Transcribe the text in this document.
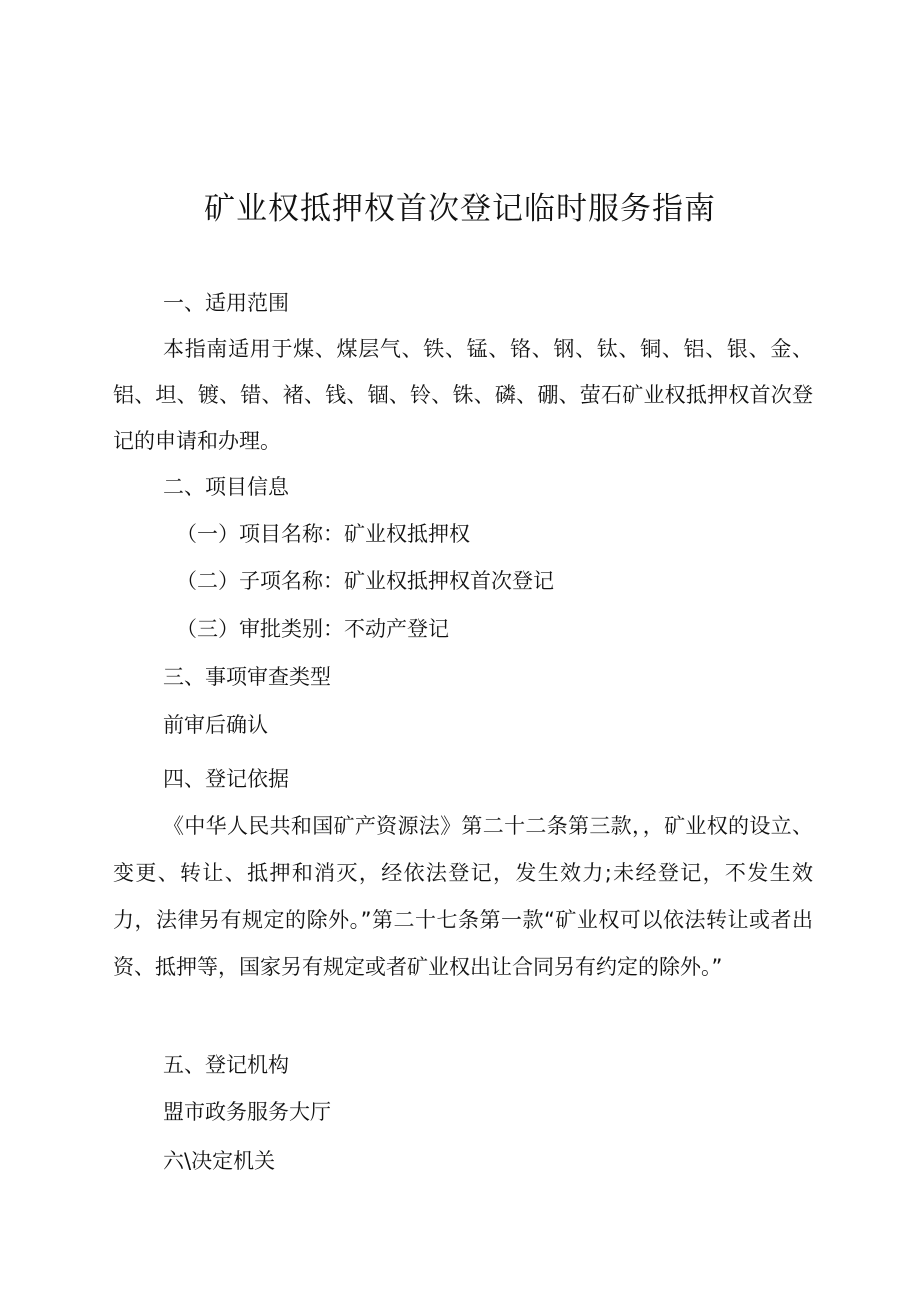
矿业权抵押权首次登记临时服务指南

一、适用范围

本指南适用于煤、煤层气、铁、锰、铬、钢、钛、铜、铝、银、金、铝、坦、镀、错、褚、钱、锢、铃、铢、磷、硼、萤石矿业权抵押权首次登记的申请和办理。

二、项目信息

（一）项目名称：矿业权抵押权

（二）子项名称：矿业权抵押权首次登记

（三）审批类别：不动产登记

三、事项审查类型

前审后确认

四、登记依据

《中华人民共和国矿产资源法》第二十二条第三款，，矿业权的设立、变更、转让、抵押和消灭，经依法登记，发生效力;未经登记，不发生效力，法律另有规定的除外。”第二十七条第一款“矿业权可以依法转让或者出资、抵押等，国家另有规定或者矿业权出让合同另有约定的除外。”

五、登记机构

盟市政务服务大厅

六\决定机关
